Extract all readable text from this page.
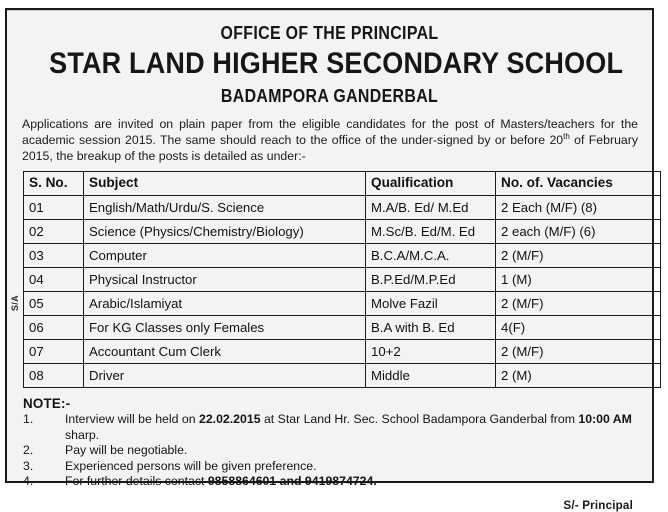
OFFICE OF THE PRINCIPAL
STAR LAND HIGHER SECONDARY SCHOOL
BADAMPORA GANDERBAL
Applications are invited on plain paper from the eligible candidates for the post of Masters/teachers for the academic session 2015. The same should reach to the office of the under-signed by or before 20th of February 2015, the breakup of the posts is detailed as under:-
S/A
S. No.	Subject	Qualification	No. of. Vacancies
01	English/Math/Urdu/S. Science	M.A/B. Ed/ M.Ed	2 Each (M/F) (8)
02	Science (Physics/Chemistry/Biology)	M.Sc/B. Ed/M. Ed	2 each (M/F) (6)
03	Computer	B.C.A/M.C.A.	2 (M/F)
04	Physical Instructor	B.P.Ed/M.P.Ed	1 (M)
05	Arabic/Islamiyat	Molve Fazil	2 (M/F)
06	For KG Classes only Females	B.A with B. Ed	4(F)
07	Accountant Cum Clerk	10+2	2 (M/F)
08	Driver	Middle	2 (M)
NOTE:-
1.	Interview will be held on 22.02.2015 at Star Land Hr. Sec. School Badampora Ganderbal from 10:00 AM sharp.
2.	Pay will be negotiable.
3.	Experienced persons will be given preference.
4.	For further details contact 9858864601 and 9419874724.
S/- Principal
